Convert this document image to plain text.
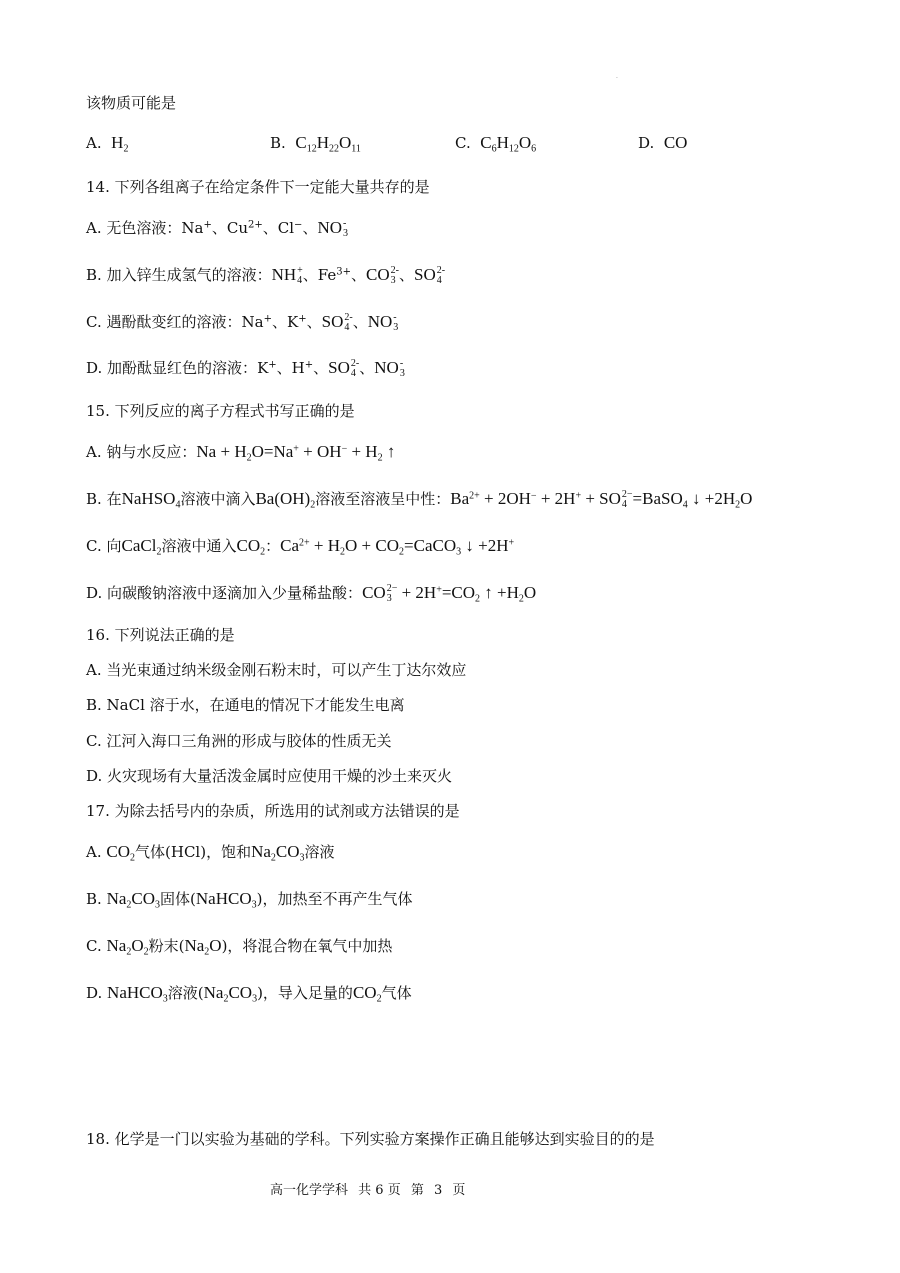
·
该物质可能是
A. $H_2$	B. $C_{12}H_{22}O_{11}$	C. $C_6H_{12}O_6$	D. CO
14. 下列各组离子在给定条件下一定能大量共存的是
A. 无色溶液：Na+、$Cu^{2+}$、Cl−、NO -
3
B. 加入锌生成氢气的溶液：NH +
4 、$Fe^{3+}$、CO 2-
3 、SO 2-
4
C. 遇酚酞变红的溶液：Na+、K+、SO 2-
4 、NO -
3
D. 加酚酞显红色的溶液：K+、H+、SO 2-
4 、NO -
3
15. 下列反应的离子方程式书写正确的是
A. 钠与水反应：$Na + H_2O=Na^+ + OH^- + H_2$ ↑
B. 在NaHSO$_4$溶液中滴入$Ba(OH)_2$溶液至溶液呈中性：$Ba^{2+} + 2OH^- + 2H^+$ + SO 2−
4 =BaSO$_4$ ↓ $+2H_2O$
C. 向CaCl$_2$溶液中通入$CO_2$：$Ca^{2+} + H_2O$ + $CO_2=CaCO_3$ ↓ +2H+
D. 向碳酸钠溶液中逐滴加入少量稀盐酸：CO 2−
$3 + 2H^+=CO_2$ ↑ $+H_2O$
16. 下列说法正确的是
A. 当光束通过纳米级金刚石粉末时，可以产生丁达尔效应
B. NaCl 溶于水，在通电的情况下才能发生电离
C. 江河入海口三角洲的形成与胶体的性质无关
D. 火灾现场有大量活泼金属时应使用干燥的沙土来灭火
17. 为除去括号内的杂质，所选用的试剂或方法错误的是
A. $CO_2$气体(HCl)，饱和$Na_2CO_3$溶液
B. $Na_2CO_3$固体(NaHCO$_3$)，加热至不再产生气体
C. $Na_2O_2$粉末$(Na_2O)$，将混合物在氧气中加热
D. NaHCO$_3$溶液$(Na_2CO_3)$，导入足量的$CO_2$气体
18. 化学是一门以实验为基础的学科。下列实验方案操作正确且能够达到实验目的的是
高一化学学科 共 6 页 第 3 页
